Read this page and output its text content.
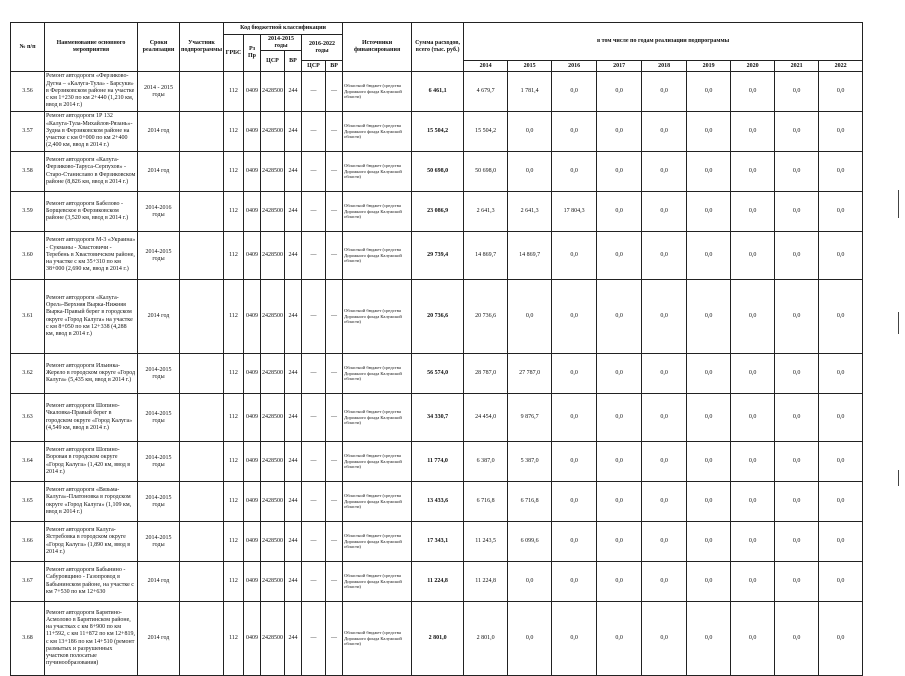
№ п/п	Наименование основного мероприятия	Сроки реализации	Участник подпрограммы	Код бюджетной классификации						Источники финансирования	Сумма расходов, всего (тыс. руб.)	в том числе по годам реализации подпрограммы								
				ГРБС	Рз Пр	2014-2015 годы		2016-2022 годы												
						ЦСР	ВР													
								ЦСР	ВР			2014	2015	2016	2017	2018	2019	2020	2021	2022
3.56	Ремонт автодороги «Ферзиково-Дугна – «Калуга-Тула» - Барсуки» в Ферзиковском районе на участке с км 1+230 по км 2+440 (1,210 км, ввод в 2014 г.)	2014 - 2015 годы		112	0409	2428500	244	—	—	Областной бюджет (средства Дорожного фонда Калужской области)	6 461,1	4 679,7	1 781,4	0,0	0,0	0,0	0,0	0,0	0,0	0,0
3.57	Ремонт автодороги 1Р 132 «Калуга-Тула-Михайлов-Рязань»-Зудна в Ферзиковском районе на участке с км 0+000 по км 2+400 (2,400 км, ввод в 2014 г.)	2014 год		112	0409	2428500	244	—	—	Областной бюджет (средства Дорожного фонда Калужской области)	15 504,2	15 504,2	0,0	0,0	0,0	0,0	0,0	0,0	0,0	0,0
3.58	Ремонт автодороги «Калуга-Ферзиково-Таруса-Серпухов» - Старо-Станиславо в Ферзиковском районе (8,826 км, ввод в 2014 г.)	2014 год		112	0409	2428500	244	—	—	Областной бюджет (средства Дорожного фонда Калужской области)	50 698,0	50 698,0	0,0	0,0	0,0	0,0	0,0	0,0	0,0	0,0
3.59	Ремонт автодороги Бабелово - Борщевское в Ферзиковском районе (3,520 км, ввод в 2014 г.)	2014-2016 годы		112	0409	2428500	244	—	—	Областной бюджет (средства Дорожного фонда Калужской области)	23 086,9	2 641,3	2 641,3	17 804,3	0,0	0,0	0,0	0,0	0,0	0,0
3.60	Ремонт автодороги М-3 «Украина» - Сукманы - Хвастовичи - Теребень в Хвастовичском районе, на участке с км 35+310 по км 38+000 (2,690 км, ввод в 2014 г.)	2014-2015 годы		112	0409	2428500	244	—	—	Областной бюджет (средства Дорожного фонда Калужской области)	29 739,4	14 869,7	14 869,7	0,0	0,0	0,0	0,0	0,0	0,0	0,0
3.61	Ремонт автодороги «Калуга-Орел»-Верхняя Вырка-Нижняя Вырка-Правый берег в городском округе «Город Калуга» на участке с км 8+050 по км 12+338 (4,288 км, ввод в 2014 г.)	2014 год		112	0409	2428500	244	—	—	Областной бюджет (средства Дорожного фонда Калужской области)	20 736,6	20 736,6	0,0	0,0	0,0	0,0	0,0	0,0	0,0	0,0
3.62	Ремонт автодороги Ильинка-Жерело в городском округе «Город Калуга» (5,435 км, ввод в 2014 г.)	2014-2015 годы		112	0409	2428500	244	—	—	Областной бюджет (средства Дорожного фонда Калужской области)	56 574,0	28 787,0	27 787,0	0,0	0,0	0,0	0,0	0,0	0,0	0,0
3.63	Ремонт автодороги Шопино-Чкаловка-Правый берег в городском округе «Город Калуга» (4,549 км, ввод в 2014 г.)	2014-2015 годы		112	0409	2428500	244	—	—	Областной бюджет (средства Дорожного фонда Калужской области)	34 330,7	24 454,0	9 876,7	0,0	0,0	0,0	0,0	0,0	0,0	0,0
3.64	Ремонт автодороги Шопино-Воровая в городском округе «Город Калуга» (1,420 км, ввод в 2014 г.)	2014-2015 годы		112	0409	2428500	244	—	—	Областной бюджет (средства Дорожного фонда Калужской области)	11 774,0	6 387,0	5 387,0	0,0	0,0	0,0	0,0	0,0	0,0	0,0
3.65	Ремонт автодороги «Вязьма-Калуга»-Платоновка в городском округе «Город Калуга» (1,109 км, ввод в 2014 г.)	2014-2015 годы		112	0409	2428500	244	—	—	Областной бюджет (средства Дорожного фонда Калужской области)	13 433,6	6 716,8	6 716,8	0,0	0,0	0,0	0,0	0,0	0,0	0,0
3.66	Ремонт автодороги Калуга-Ястребовка в городском округе «Город Калуга» (1,890 км, ввод в 2014 г.)	2014-2015 годы		112	0409	2428500	244	—	—	Областной бюджет (средства Дорожного фонда Калужской области)	17 343,1	11 243,5	6 099,6	0,0	0,0	0,0	0,0	0,0	0,0	0,0
3.67	Ремонт автодороги Бабынино - Сабуровщино - Газопровод в Бабынинском районе, на участке с км 7+530 по км 12+630	2014 год		112	0409	2428500	244	—	—	Областной бюджет (средства Дорожного фонда Калужской области)	11 224,8	11 224,8	0,0	0,0	0,0	0,0	0,0	0,0	0,0	0,0
3.68	Ремонт автодороги Барятино-Асмолово в Барятинском районе, на участках с км 8+900 по км 11+592, с км 11+872 по км 12+819, с км 13+186 по км 14+510 (ремонт размытых и разрушенных участков полосатые пучинообразования)	2014 год		112	0409	2428500	244	—	—	Областной бюджет (средства Дорожного фонда Калужской области)	2 801,0	2 801,0	0,0	0,0	0,0	0,0	0,0	0,0	0,0	0,0
